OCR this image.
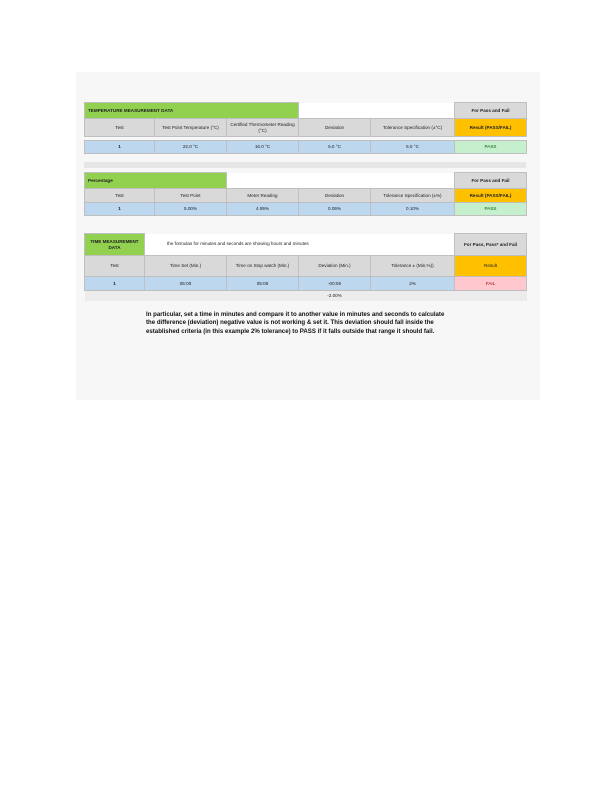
TEMPERATURE MEASUREMENT DATA					For Pass and Fail
Test	Test Point Temperature (°C)	Certified Thermometer Reading (°C)	Deviation	Tolerance Specification (±°C)	Result (PASS/FAIL)

1	22.0 °C	16.0 °C	5.0 °C	5.0 °C	PASS
Percentage					For Pass and Fail
Test	Test Point	Meter Reading	Deviation	Tolerance Specification (±%)	Result (PASS/FAIL)
1	5.00%	4.95%	0.05%	0.10%	PASS
TIME MEASUREMENT DATA	the formulas for minutes and seconds are showing hours and minutes				For Pass, Pass* and Fail
Test	Time Set (Min.)	Time on Stop watch (Min.)	Deviation (Min.)	Tolerance ± (Min.%))	Result
1	05:00	05:06	-00:06	2%	FAIL
			-2.00%		
In particular, set a time in minutes and compare it to another value in minutes and seconds to calculate the difference (deviation) negative value is not working & set it. This deviation should fall inside the established criteria (in this example 2% tolerance) to PASS if it falls outside that range it should fail.
